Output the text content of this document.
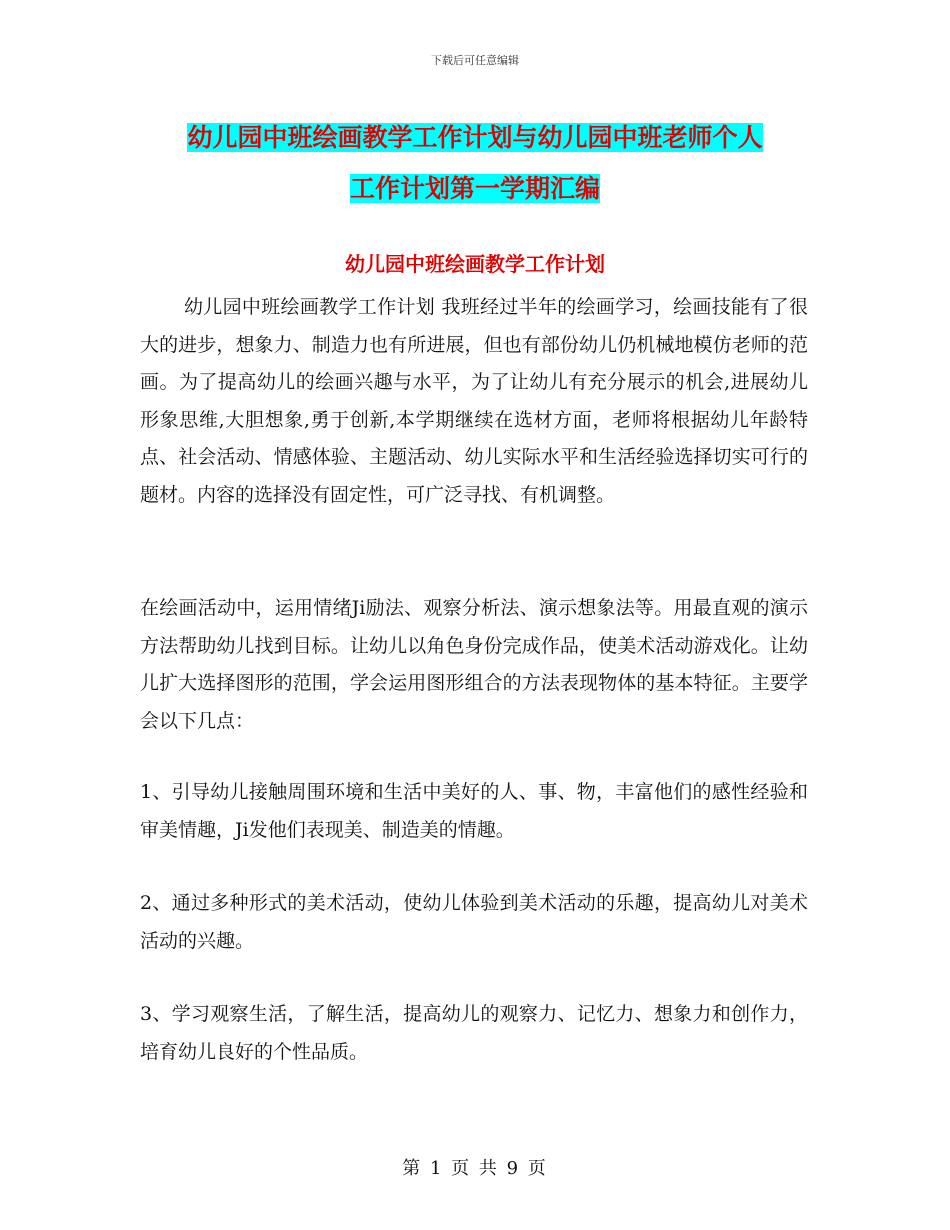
下载后可任意编辑
幼儿园中班绘画教学工作计划与幼儿园中班老师个人
工作计划第一学期汇编
幼儿园中班绘画教学工作计划

幼儿园中班绘画教学工作计划 我班经过半年的绘画学习，绘画技能有了很大的进步，想象力、制造力也有所进展，但也有部份幼儿仍机械地模仿老师的范画。为了提高幼儿的绘画兴趣与水平，为了让幼儿有充分展示的机会,进展幼儿形象思维,大胆想象,勇于创新,本学期继续在选材方面，老师将根据幼儿年龄特点、社会活动、情感体验、主题活动、幼儿实际水平和生活经验选择切实可行的题材。内容的选择没有固定性，可广泛寻找、有机调整。

在绘画活动中，运用情绪Ji励法、观察分析法、演示想象法等。用最直观的演示方法帮助幼儿找到目标。让幼儿以角色身份完成作品，使美术活动游戏化。让幼儿扩大选择图形的范围，学会运用图形组合的方法表现物体的基本特征。主要学会以下几点：

1、引导幼儿接触周围环境和生活中美好的人、事、物，丰富他们的感性经验和审美情趣，Ji发他们表现美、制造美的情趣。

2、通过多种形式的美术活动，使幼儿体验到美术活动的乐趣，提高幼儿对美术活动的兴趣。

3、学习观察生活，了解生活，提高幼儿的观察力、记忆力、想象力和创作力，培育幼儿良好的个性品质。

第 1 页 共 9 页
